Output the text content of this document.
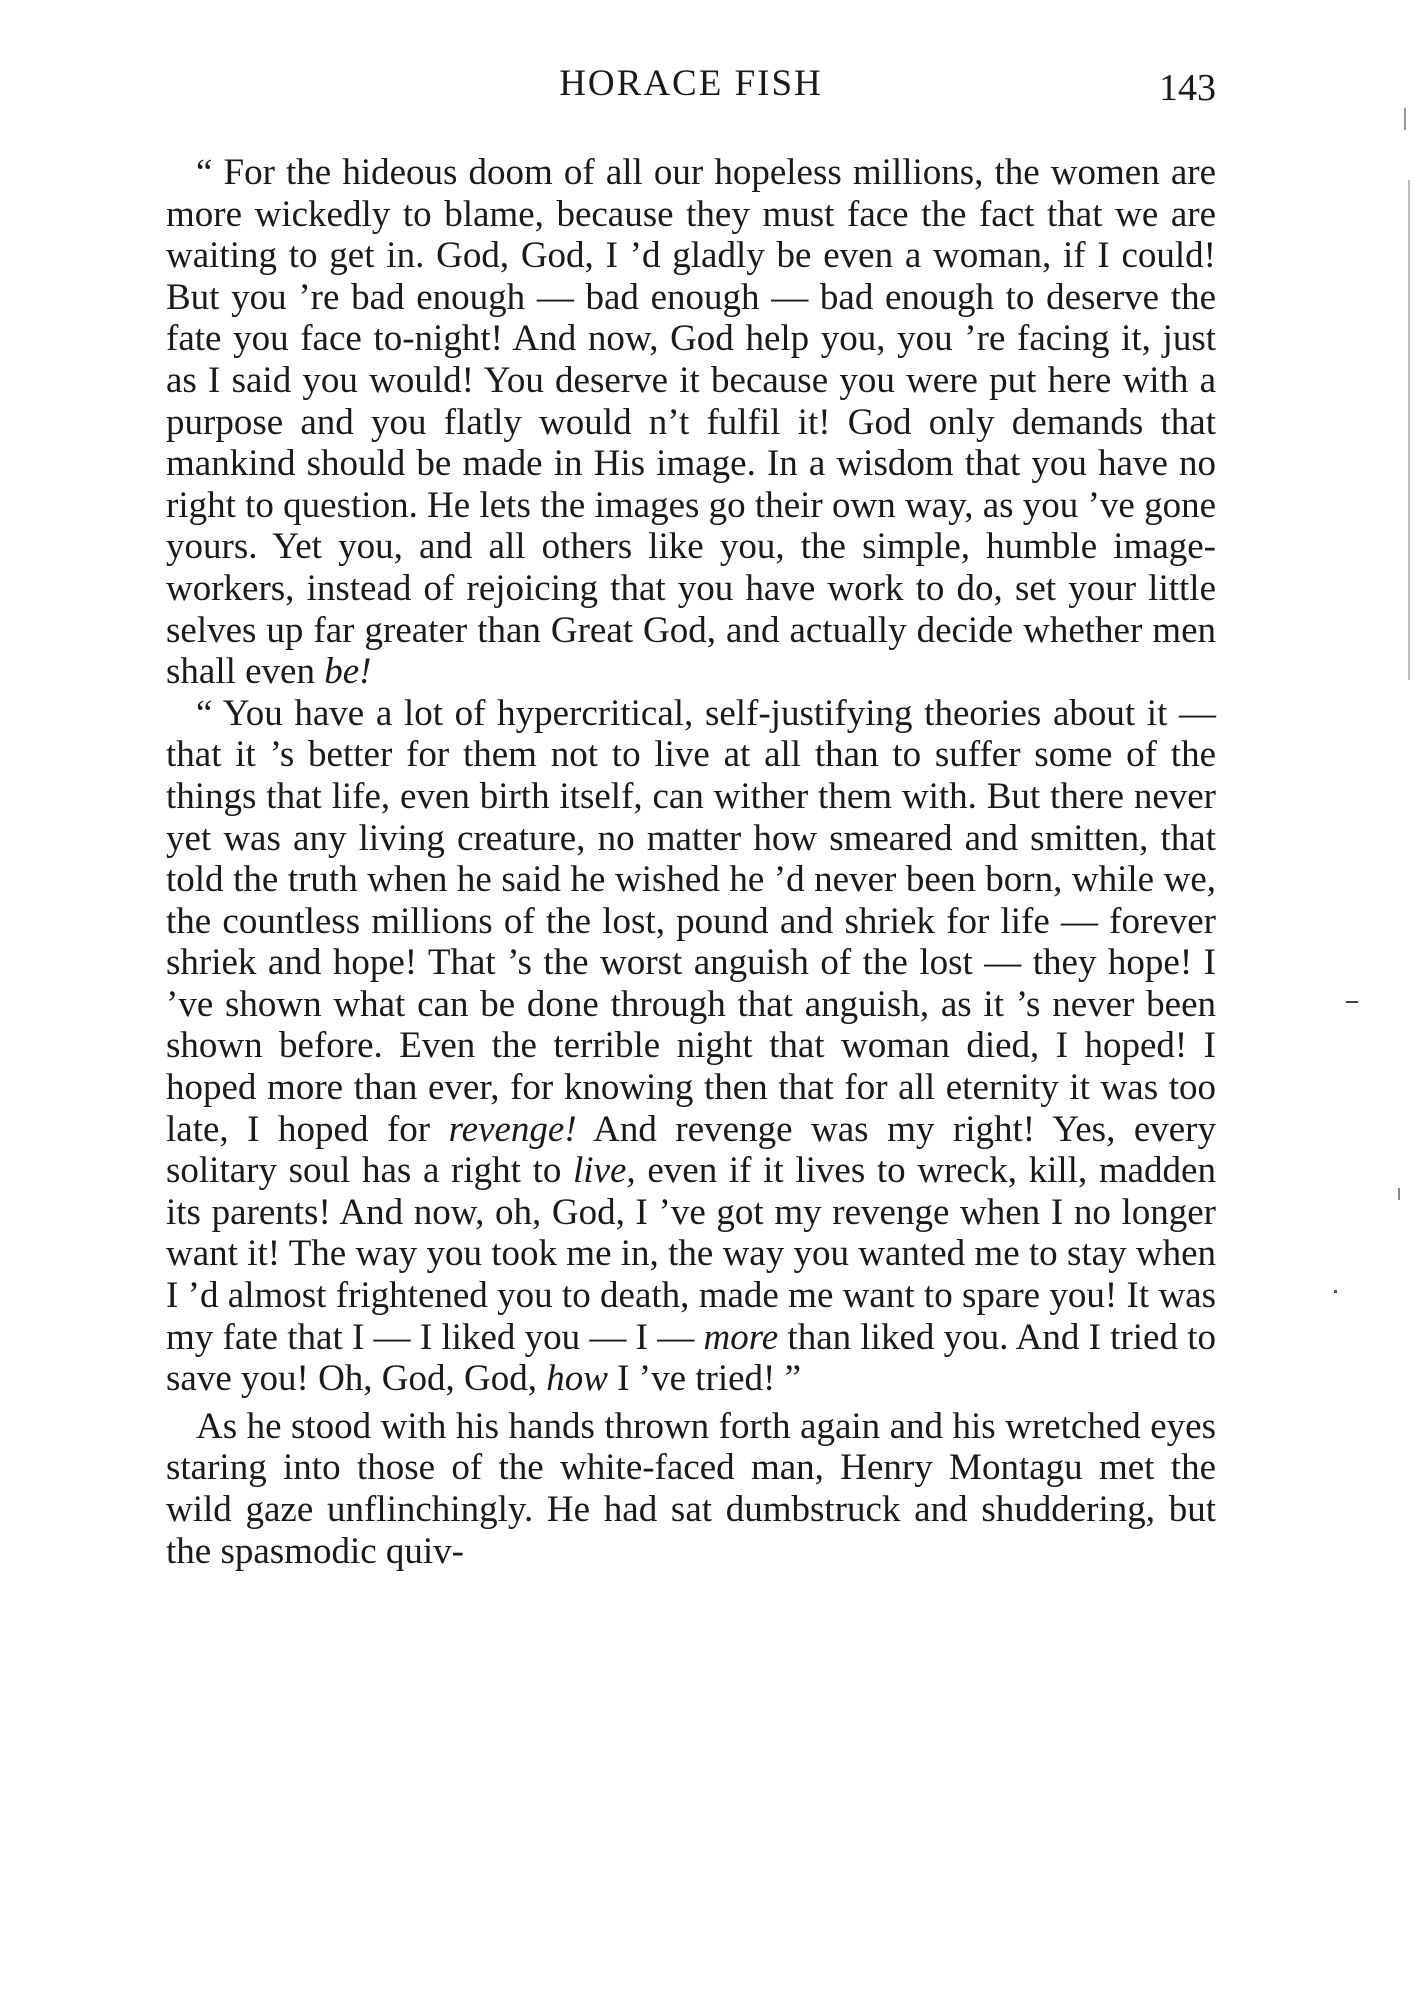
HORACE FISH	143

“ For the hideous doom of all our hopeless millions, the women are more wickedly to blame, because they must face the fact that we are waiting to get in. God, God, I ’d gladly be even a woman, if I could! But you ’re bad enough — bad enough — bad enough to deserve the fate you face to-night! And now, God help you, you ’re facing it, just as I said you would! You deserve it because you were put here with a purpose and you flatly would n’t fulfil it! God only demands that mankind should be made in His image. In a wisdom that you have no right to question. He lets the images go their own way, as you ’ve gone yours. Yet you, and all others like you, the simple, humble image-workers, instead of rejoicing that you have work to do, set your little selves up far greater than Great God, and actually decide whether men shall even be!

“ You have a lot of hypercritical, self-justifying theories about it — that it ’s better for them not to live at all than to suffer some of the things that life, even birth itself, can wither them with. But there never yet was any living creature, no matter how smeared and smitten, that told the truth when he said he wished he ’d never been born, while we, the countless millions of the lost, pound and shriek for life — forever shriek and hope! That ’s the worst anguish of the lost — they hope! I ’ve shown what can be done through that anguish, as it ’s never been shown before. Even the terrible night that woman died, I hoped! I hoped more than ever, for knowing then that for all eternity it was too late, I hoped for revenge! And revenge was my right! Yes, every solitary soul has a right to live, even if it lives to wreck, kill, madden its parents! And now, oh, God, I ’ve got my revenge when I no longer want it! The way you took me in, the way you wanted me to stay when I ’d almost frightened you to death, made me want to spare you! It was my fate that I — I liked you — I — more than liked you. And I tried to save you! Oh, God, God, how I ’ve tried! ”

As he stood with his hands thrown forth again and his wretched eyes staring into those of the white-faced man, Henry Montagu met the wild gaze unflinchingly. He had sat dumbstruck and shuddering, but the spasmodic quiv-
